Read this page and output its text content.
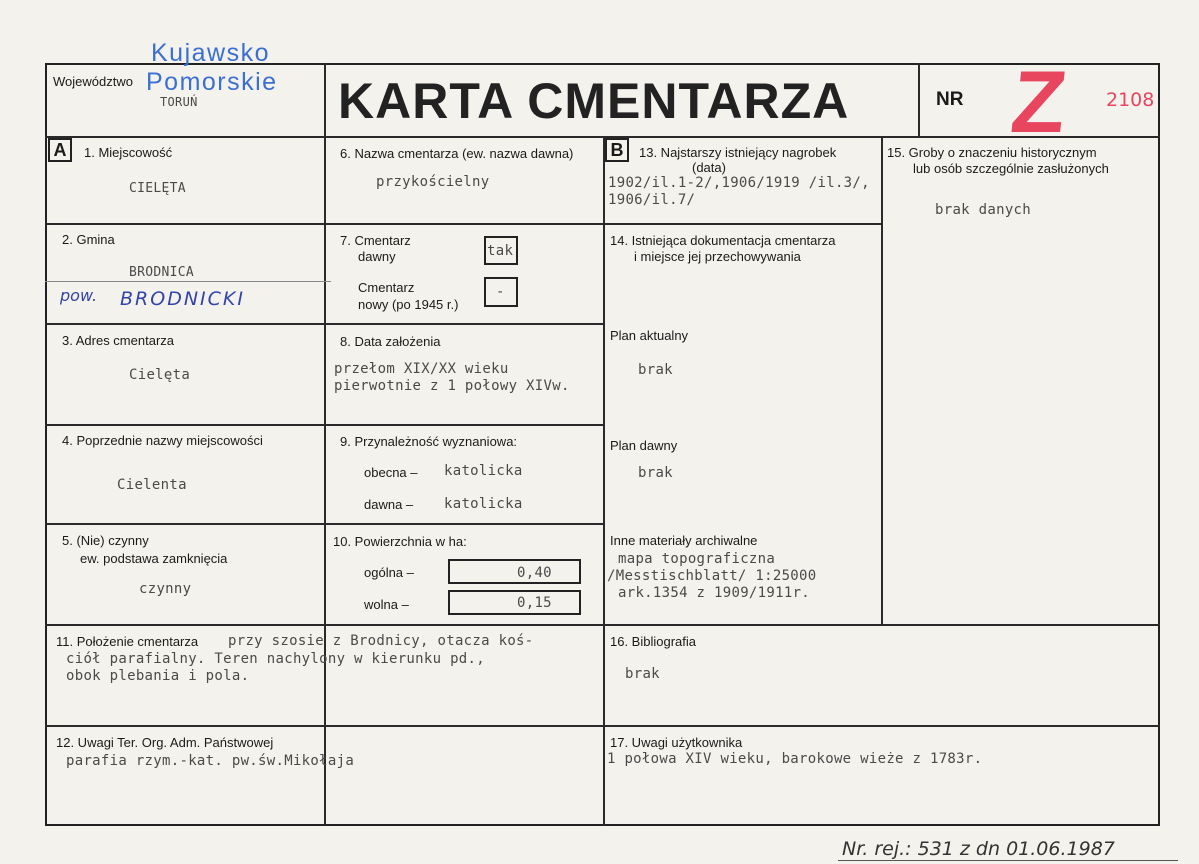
Województwo
Kujawsko
Pomorskie
TORUŃ	KARTA CMENTARZA	NR Z 2108
A	B
1. Miejscowość
CIELĘTA
2. Gmina
BRODNICA
pow. BRODNICKI
3. Adres cmentarza
Cielęta
4. Poprzednie nazwy miejscowości
Cielenta
5. (Nie) czynny
ew. podstawa zamknięcia
czynny
6. Nazwa cmentarza (ew. nazwa dawna)
przykościelny
7. Cmentarz
dawny	tak
Cmentarz
nowy (po 1945 r.)
-
8. Data założenia
przełom XIX/XX wieku
pierwotnie z 1 połowy XIVw.
9. Przynależność wyznaniowa:
obecna – katolicka
dawna – katolicka
10. Powierzchnia w ha:
ogólna –	0,40
wolna –	0,15
11. Położenie cmentarza przy szosie z Brodnicy, otacza koś-
ciół parafialny. Teren nachylony w kierunku pd.,
obok plebania i pola.
12. Uwagi Ter. Org. Adm. Państwowej
parafia rzym.-kat. pw.św.Mikołaja
13. Najstarszy istniejący nagrobek
(data)
1902/il.1-2/,1906/1919 /il.3/,
1906/il.7/
14. Istniejąca dokumentacja cmentarza
i miejsce jej przechowywania
Plan aktualny
brak
Plan dawny
brak
Inne materiały archiwalne
mapa topograficzna
/Messtischblatt/ 1:25000
ark.1354 z 1909/1911r.
15. Groby o znaczeniu historycznym
lub osób szczególnie zasłużonych
brak danych
16. Bibliografia
brak
17. Uwagi użytkownika
1 połowa XIV wieku, barokowe wieże z 1783r.
Nr. rej.: 531 z dn 01.06.1987
